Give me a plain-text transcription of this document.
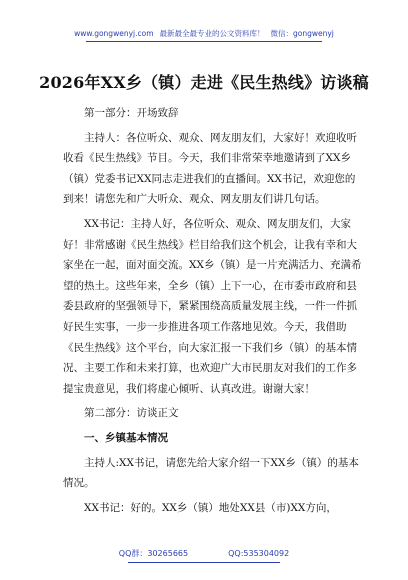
www.gongwenyj.com 最新最全最专业的公文资料库！ 微信：gongwenyj
2026年XX乡（镇）走进《民生热线》访谈稿

第一部分：开场致辞

主持人：各位听众、观众、网友朋友们，大家好！欢迎收听收看《民生热线》节目。今天，我们非常荣幸地邀请到了XX乡（镇）党委书记XX同志走进我们的直播间。XX书记，欢迎您的到来！请您先和广大听众、观众、网友朋友们讲几句话。

XX书记：主持人好，各位听众、观众、网友朋友们，大家好！非常感谢《民生热线》栏目给我们这个机会，让我有幸和大家坐在一起，面对面交流。XX乡（镇）是一片充满活力、充满希望的热土。这些年来，全乡（镇）上下一心，在市委市政府和县委县政府的坚强领导下，紧紧围绕高质量发展主线，一件一件抓好民生实事，一步一步推进各项工作落地见效。今天，我借助《民生热线》这个平台，向大家汇报一下我们乡（镇）的基本情况、主要工作和未来打算，也欢迎广大市民朋友对我们的工作多提宝贵意见，我们将虚心倾听、认真改进。谢谢大家！

第二部分：访谈正文

一、乡镇基本情况

主持人:XX书记，请您先给大家介绍一下XX乡（镇）的基本情况。

XX书记：好的。XX乡（镇）地处XX县（市)XX方向，

QQ群：30265665	QQ:535304092
